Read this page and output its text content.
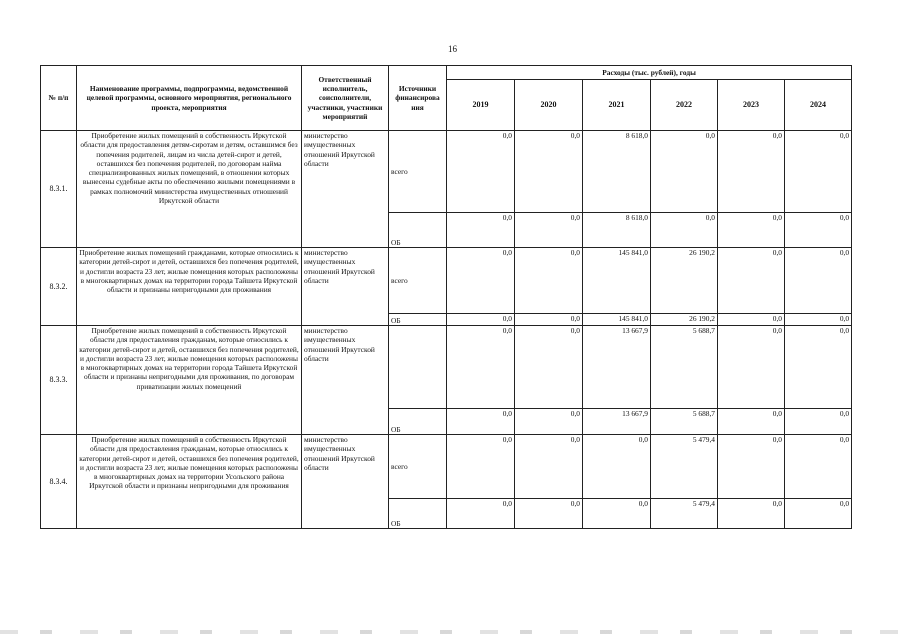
16
№ п/п	Наименование программы, подпрограммы, ведомственной целевой программы, основного мероприятия, регионального проекта, мероприятия	Ответственный исполнитель, соисполнители, участники, участники мероприятий	Источники
финансирова
ния	Расходы (тыс. рублей), годы					
				2019	2020	2021	2022	2023	2024
8.3.1.	Приобретение жилых помещений в собственность Иркутской области для предоставления детям-сиротам и детям, оставшимся без попечения родителей, лицам из числа детей-сирот и детей, оставшихся без попечения родителей, по договорам найма специализированных жилых помещений, в отношении которых вынесены судебные акты по обеспечению жилыми помещениями в рамках полномочий министерства имущественных отношений Иркутской области	министерство имущественных отношений Иркутской области	всего	0,0	0,0	8 618,0	0,0	0,0	0,0
			ОБ	0,0	0,0	8 618,0	0,0	0,0	0,0
8.3.2.	Приобретение жилых помещений гражданами, которые относились к категории детей-сирот и детей, оставшихся без попечения родителей, и достигли возраста 23 лет, жилые помещения которых расположены в многоквартирных домах на территории города Тайшета Иркутской области и признаны непригодными для проживания	министерство имущественных отношений Иркутской области	всего	0,0	0,0	145 841,0	26 190,2	0,0	0,0
			ОБ	0,0	0,0	145 841,0	26 190,2	0,0	0,0
8.3.3.	Приобретение жилых помещений в собственность Иркутской области для предоставления гражданам, которые относились к категории детей-сирот и детей, оставшихся без попечения родителей, и достигли возраста 23 лет, жилые помещения которых расположены в многоквартирных домах на территории города Тайшета Иркутской области и признаны непригодными для проживания, по договорам приватизации жилых помещений	министерство имущественных отношений Иркутской области		0,0	0,0	13 667,9	5 688,7	0,0	0,0
			ОБ	0,0	0,0	13 667,9	5 688,7	0,0	0,0
8.3.4.	Приобретение жилых помещений в собственность Иркутской области для предоставления гражданам, которые относились к категории детей-сирот и детей, оставшихся без попечения родителей, и достигли возраста 23 лет, жилые помещения которых расположены в многоквартирных домах на территории Усольского района Иркутской области и признаны непригодными для проживания	министерство имущественных отношений Иркутской области	всего	0,0	0,0	0,0	5 479,4	0,0	0,0
			ОБ	0,0	0,0	0,0	5 479,4	0,0	0,0
